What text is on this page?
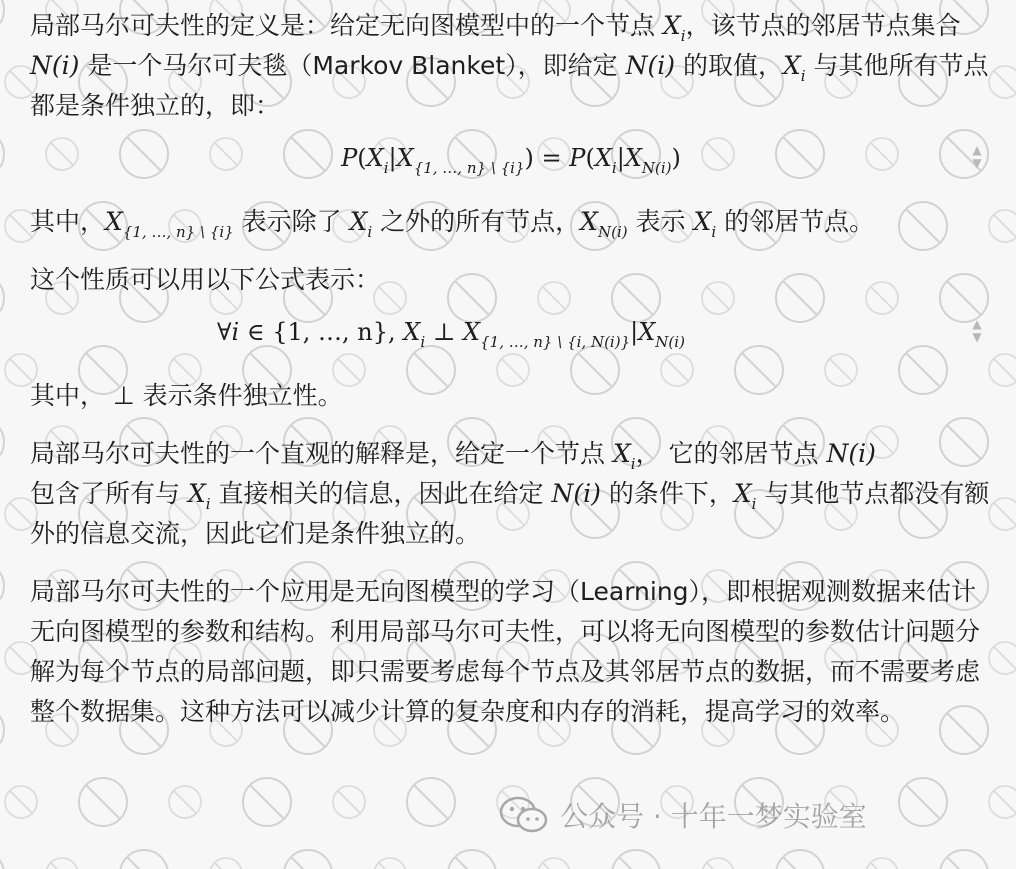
局部马尔可夫性的定义是：给定无向图模型中的一个节点 $X_i$，该节点的邻居节点集合 N(i) 是一个马尔可夫毯（Markov Blanket），即给定 N(i) 的取值，$X_i$ 与其他所有节点都是条件独立的，即：

$P(X_i|X_{\{1, \dots, n\} \backslash \{i\}}) = P(X_i|X_{N(i)})$	▲
▼

其中，$X_{\{1, \dots, n\} \backslash \{i\}}$ 表示除了 $X_i$ 之外的所有节点，$X_{N(i)}$ 表示 $X_i$ 的邻居节点。

这个性质可以用以下公式表示：

∀i ∈ {1, …, n}, $X_i$ ⊥ $X_{\{1, \dots, n\} \backslash \{i, N(i)\}}|X_{N(i)}$
▲
▼

其中， ⊥ 表示条件独立性。

局部马尔可夫性的一个直观的解释是，给定一个节点 $X_i$， 它的邻居节点 N(i)
包含了所有与 $X_i$ 直接相关的信息，因此在给定 N(i) 的条件下，$X_i$ 与其他节点都没有额外的信息交流，因此它们是条件独立的。

局部马尔可夫性的一个应用是无向图模型的学习（Learning），即根据观测数据来估计无向图模型的参数和结构。利用局部马尔可夫性，可以将无向图模型的参数估计问题分解为每个节点的局部问题，即只需要考虑每个节点及其邻居节点的数据，而不需要考虑整个数据集。这种方法可以减少计算的复杂度和内存的消耗，提高学习的效率。

公众号 · 十年一梦实验室
